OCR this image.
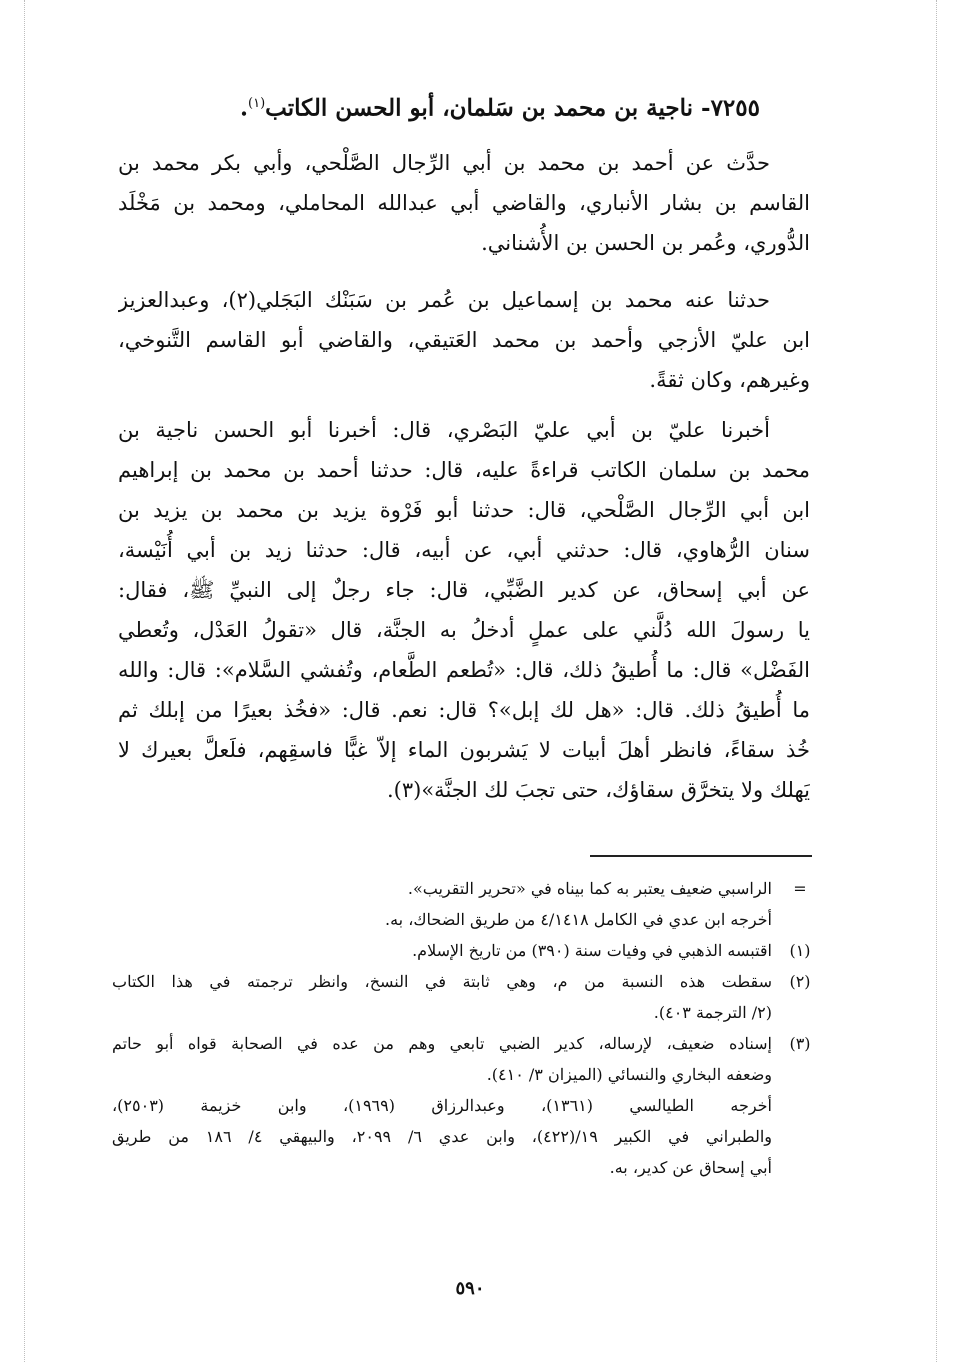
٧٢٥٥- ناجية بن محمد بن سَلمان، أبو الحسن الكاتب$^{(١)}$.
حدَّث عن أحمد بن محمد بن أبي الرِّجال الصَّلْحي، وأبي بكر محمد بن
القاسم بن بشار الأنباري، والقاضي أبي عبدالله المحاملي، ومحمد بن مَخْلَد
الدُّوري، وعُمر بن الحسن بن الأُشناني.
حدثنا عنه محمد بن إسماعيل بن عُمر بن سَبَنْك البَجَلي(٢)، وعبدالعزيز
ابن عليّ الأزجي وأحمد بن محمد العَتيقي، والقاضي أبو القاسم التَّنوخي،
وغيرهم، وكان ثقةً.
أخبرنا عليّ بن أبي عليّ البَصْري، قال: أخبرنا أبو الحسن ناجية بن
محمد بن سلمان الكاتب قراءةً عليه، قال: حدثنا أحمد بن محمد بن إبراهيم
ابن أبي الرِّجال الصَّلْحي، قال: حدثنا أبو فَرْوة يزيد بن محمد بن يزيد بن
سنان الرُّهاوي، قال: حدثني أبي، عن أبيه، قال: حدثنا زيد بن أبي أُنَيْسة،
عن أبي إسحاق، عن كدير الضَّبِّي، قال: جاء رجلٌ إلى النبيِّ ﷺ، فقال:
يا رسولَ الله دُلَّني على عملٍ أدخلُ به الجنَّة، قال «تقولُ العَدْل، وتُعطي
الفَضْل» قال: ما أُطيقُ ذلك، قال: «تُطعم الطَّعام، وتُفشي السَّلام»: قال: والله
ما أُطيقُ ذلك. قال: «هل لك إبل»؟ قال: نعم. قال: «فخُذ بعيرًا من إبلك ثم
خُذ سقاءً، فانظر أهلَ أبيات لا يَشربون الماء إلاّ غبًّا فاسقِهم، فلَعلَّ بعيرك لا
يَهلك ولا يتخرَّق سقاؤك، حتى تجبَ لك الجنَّة»(٣).
=
الراسبي ضعيف يعتبر به كما بيناه في «تحرير التقريب».
أخرجه ابن عدي في الكامل ٤/١٤١٨ من طريق الضحاك، به.
(١)
اقتبسه الذهبي في وفيات سنة (٣٩٠) من تاريخ الإسلام.
(٢)
سقطت هذه النسبة من م، وهي ثابتة في النسخ، وانظر ترجمته في هذا الكتاب
(٢/ الترجمة ٤٠٣).
(٣)
إسناده ضعيف، لإرساله، كدير الضبي تابعي وهم من عده في الصحابة قواه أبو حاتم
وضعفه البخاري والنسائي (الميزان ٣/ ٤١٠).
أخرجه الطيالسي (١٣٦١)، وعبدالرزاق (١٩٦٩)، وابن خزيمة (٢٥٠٣)،
والطبراني في الكبير ١٩/(٤٢٢)، وابن عدي ٦/ ٢٠٩٩، والبيهقي ٤/ ١٨٦ من طريق
أبي إسحاق عن كدير، به.
٥٩٠
